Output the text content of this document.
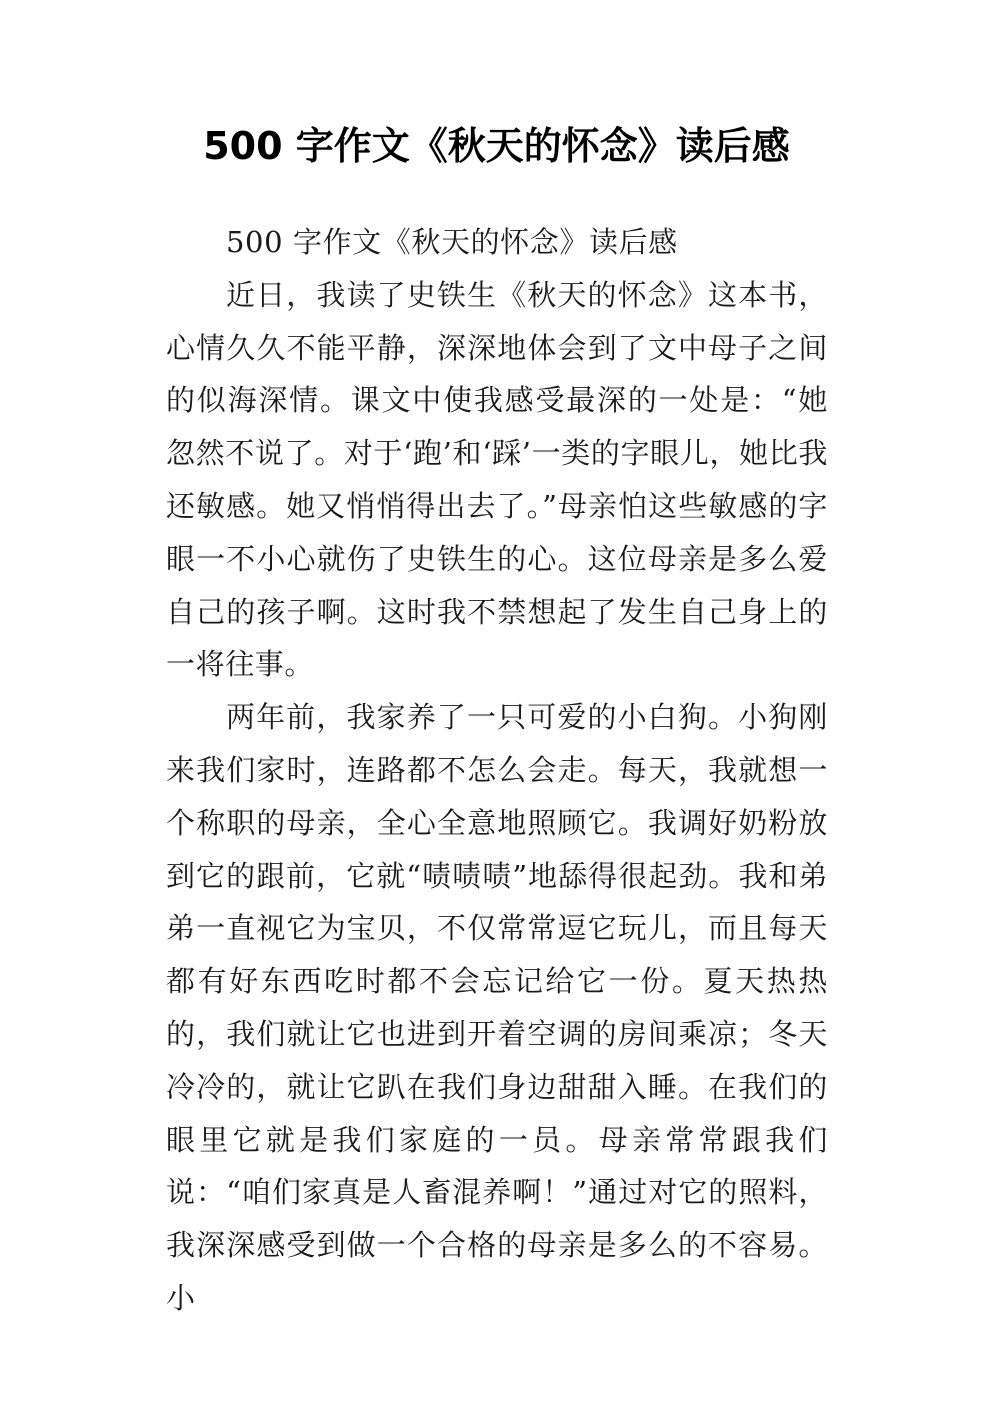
500 字作文《秋天的怀念》读后感

500 字作文《秋天的怀念》读后感

近日，我读了史铁生《秋天的怀念》这本书，心情久久不能平静，深深地体会到了文中母子之间的似海深情。课文中使我感受最深的一处是：“她忽然不说了。对于‘跑’和‘踩’一类的字眼儿，她比我还敏感。她又悄悄得出去了。”母亲怕这些敏感的字眼一不小心就伤了史铁生的心。这位母亲是多么爱自己的孩子啊。这时我不禁想起了发生自己身上的一将往事。

两年前，我家养了一只可爱的小白狗。小狗刚来我们家时，连路都不怎么会走。每天，我就想一个称职的母亲，全心全意地照顾它。我调好奶粉放到它的跟前，它就“啧啧啧”地舔得很起劲。我和弟弟一直视它为宝贝，不仅常常逗它玩儿，而且每天都有好东西吃时都不会忘记给它一份。夏天热热的，我们就让它也进到开着空调的房间乘凉；冬天冷冷的，就让它趴在我们身边甜甜入睡。在我们的眼里它就是我们家庭的一员。母亲常常跟我们说：“咱们家真是人畜混养啊！”通过对它的照料，我深深感受到做一个合格的母亲是多么的不容易。小
